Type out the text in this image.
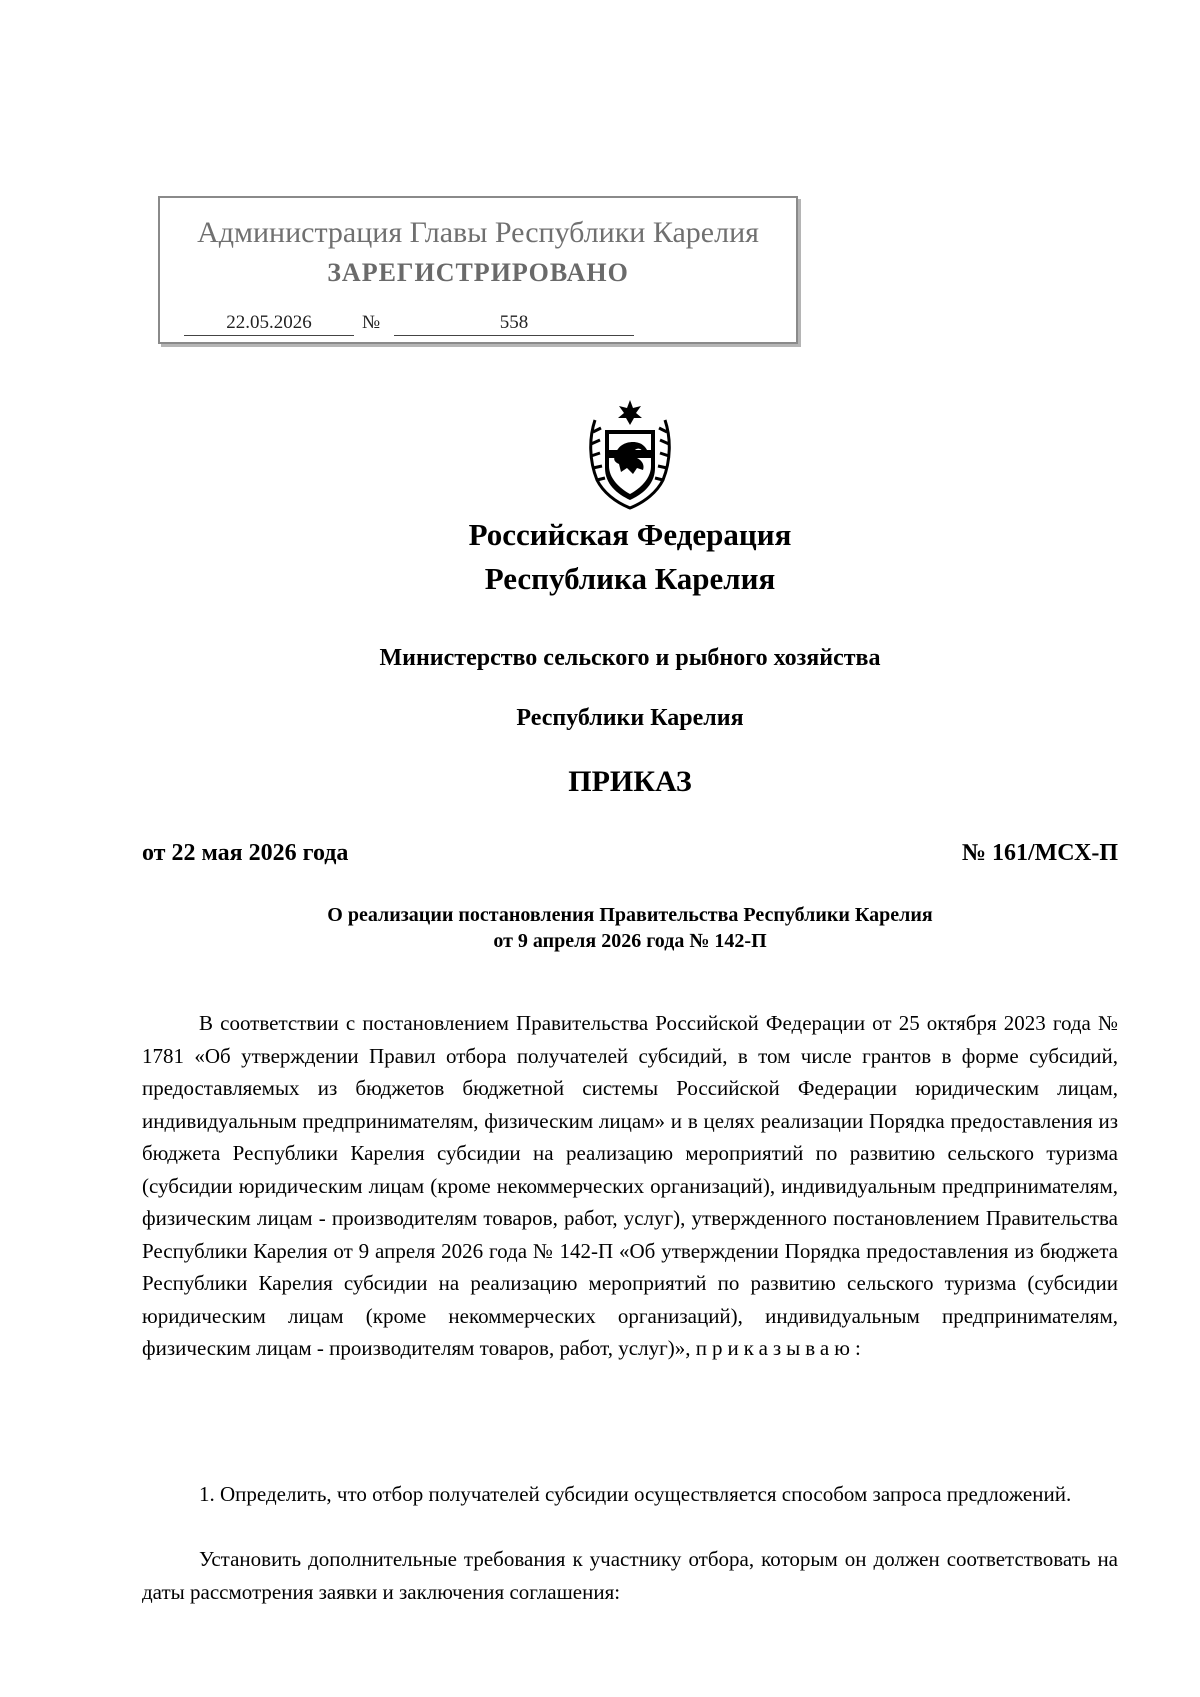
Администрация Главы Республики Карелия
ЗАРЕГИСТРИРОВАНО
22.05.2026	№	558
Российская Федерация
Республика Карелия
Министерство сельского и рыбного хозяйства
Республики Карелия
ПРИКАЗ
от 22 мая 2026 года	№ 161/МСХ-П
О реализации постановления Правительства Республики Карелия
от 9 апреля 2026 года № 142-П
В соответствии с постановлением Правительства Российской Федерации от 25 октября 2023 года № 1781 «Об утверждении Правил отбора получателей субсидий, в том числе грантов в форме субсидий, предоставляемых из бюджетов бюджетной системы Российской Федерации юридическим лицам, индивидуальным предпринимателям, физическим лицам» и в целях реализации Порядка предоставления из бюджета Республики Карелия субсидии на реализацию мероприятий по развитию сельского туризма (субсидии юридическим лицам (кроме некоммерческих организаций), индивидуальным предпринимателям, физическим лицам - производителям товаров, работ, услуг), утвержденного постановлением Правительства Республики Карелия от 9 апреля 2026 года № 142-П «Об утверждении Порядка предоставления из бюджета Республики Карелия субсидии на реализацию мероприятий по развитию сельского туризма (субсидии юридическим лицам (кроме некоммерческих организаций), индивидуальным предпринимателям, физическим лицам - производителям товаров, работ, услуг)», приказываю:
1. Определить, что отбор получателей субсидии осуществляется способом запроса предложений.
Установить дополнительные требования к участнику отбора, которым он должен соответствовать на даты рассмотрения заявки и заключения соглашения:
